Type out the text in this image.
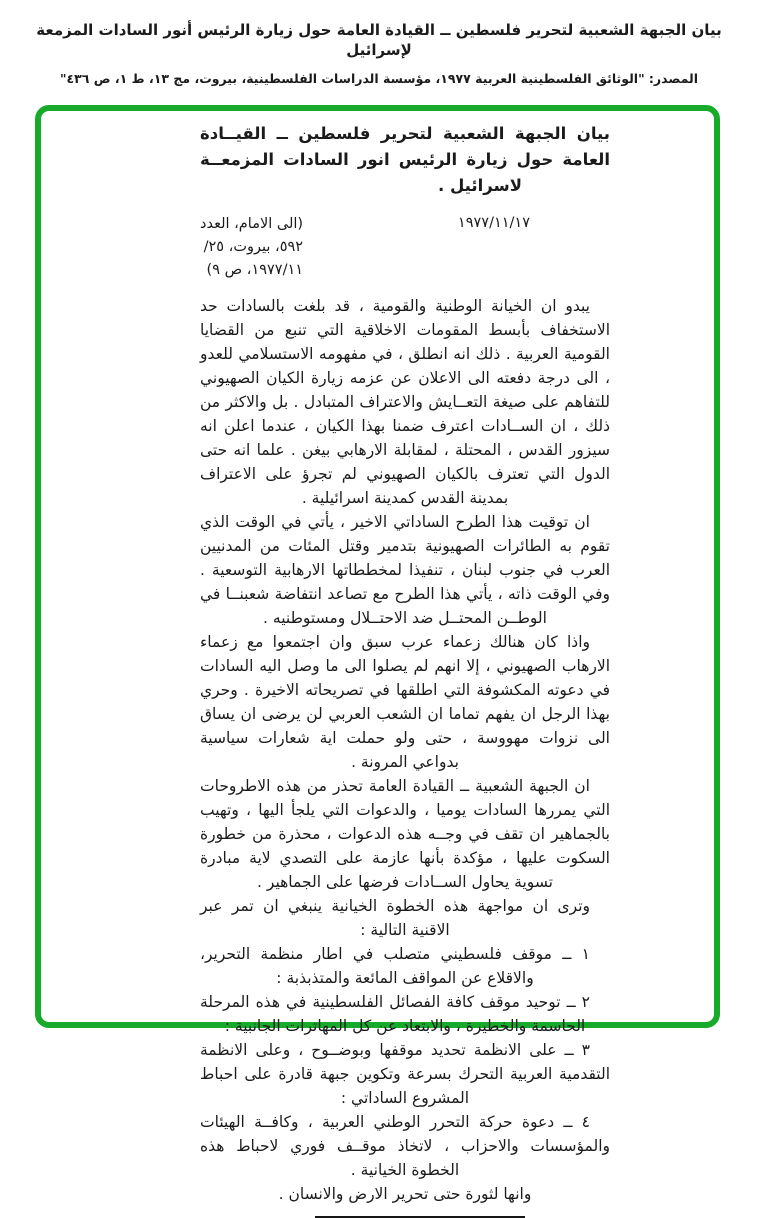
بيان الجبهة الشعبية لتحرير فلسطين ــ القيادة العامة حول زيارة الرئيس أنور السادات المزمعة لإسرائيل
المصدر: "الوثائق الفلسطينية العربية ١٩٧٧، مؤسسة الدراسات الفلسطينية، بيروت، مج ١٣، ط ١، ص ٤٣٦"
بيان الجبهة الشعبية لتحرير فلسطين ــ القيــادة
العامة حول زيارة الرئيس انور السادات المزمعــة
لاسرائيل .
١٧‏/‏١١‏/‏١٩٧٧
(الى الامام، العدد
٥٩٢، بيروت، ٢٥/
١١‏/‏١٩٧٧‏، ص ٩)

يبدو ان الخيانة الوطنية والقومية ، قد بلغت بالسادات حد الاستخفاف بأبسط المقومات الاخلاقية التي تنبع من القضايا القومية العربية . ذلك انه انطلق ، في مفهومه الاستسلامي للعدو ، الى درجة دفعته الى الاعلان عن عزمه زيارة الكيان الصهيوني للتفاهم على صيغة التعــايش والاعتراف المتبادل . بل والاكثر من ذلك ، ان الســادات اعترف ضمنا بهذا الكيان ، عندما اعلن انه سيزور القدس ، المحتلة ، لمقابلة الارهابي بيغن . علما انه حتى الدول التي تعترف بالكيان الصهيوني لم تجرؤ على الاعتراف بمدينة القدس كمدينة اسرائيلية .

ان توقيت هذا الطرح الساداتي الاخير ، يأتي في الوقت الذي تقوم به الطائرات الصهيونية بتدمير وقتل المئات من المدنيين العرب في جنوب لبنان ، تنفيذا لمخططاتها الارهابية التوسعية . وفي الوقت ذاته ، يأتي هذا الطرح مع تصاعد انتفاضة شعبنــا في الوطــن المحتــل ضد الاحتــلال ومستوطنيه .

واذا كان هنالك زعماء عرب سبق وان اجتمعوا مع زعماء الارهاب الصهيوني ، إلا انهم لم يصلوا الى ما وصل اليه السادات في دعوته المكشوفة التي اطلقها في تصريحاته الاخيرة . وحري بهذا الرجل ان يفهم تماما ان الشعب العربي لن يرضى ان يساق الى نزوات مهووسة ، حتى ولو حملت اية شعارات سياسية بدواعي المرونة .

ان الجبهة الشعبية ــ القيادة العامة تحذر من هذه الاطروحات التي يمررها السادات يوميا ، والدعوات التي يلجأ اليها ، وتهيب بالجماهير ان تقف في وجــه هذه الدعوات ، محذرة من خطورة السكوت عليها ، مؤكدة بأنها عازمة على التصدي لاية مبادرة تسوية يحاول الســادات فرضها على الجماهير .

وترى ان مواجهة هذه الخطوة الخيانية ينبغي ان تمر عبر الاقنية التالية :

١ ــ موقف فلسطيني متصلب في اطار منظمة التحرير، والاقلاع عن المواقف المائعة والمتذبذبة :

٢ ــ توحيد موقف كافة الفصائل الفلسطينية في هذه المرحلة الحاسمة والخطيرة ، والابتعاد عن كل المهاترات الجانبية :

٣ ــ على الانظمة تحديد موقفها وبوضــوح ، وعلى الانظمة التقدمية العربية التحرك بسرعة وتكوين جبهة قادرة على احباط المشروع الساداتي :

٤ ــ دعوة حركة التحرر الوطني العربية ، وكافــة الهيئات والمؤسسات والاحزاب ، لاتخاذ موقــف فوري لاحباط هذه الخطوة الخيانية .

وانها لثورة حتى تحرير الارض والانسان .
